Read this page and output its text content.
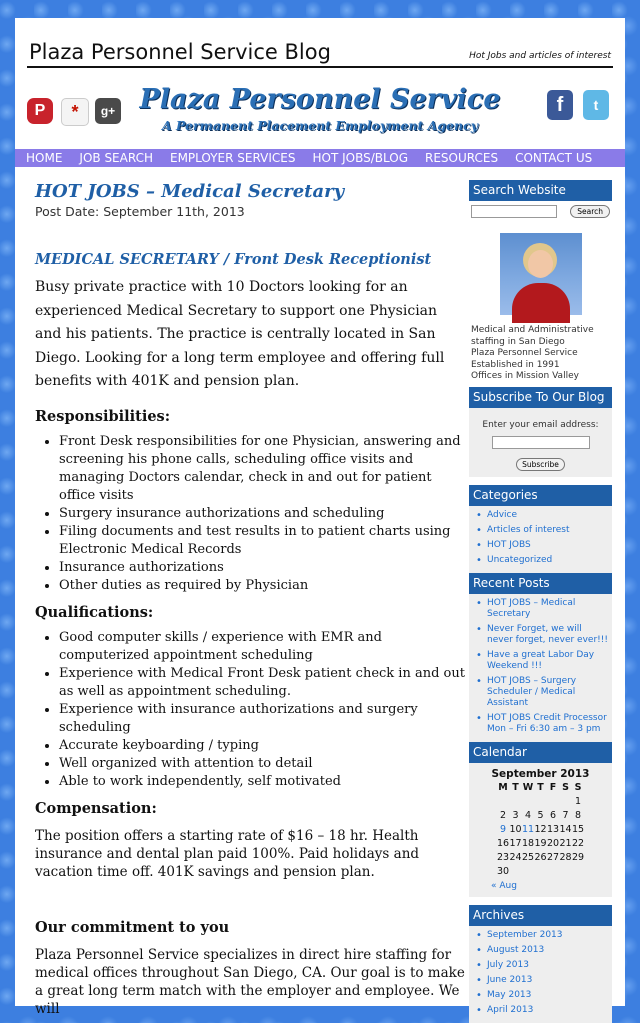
Plaza Personnel Service Blog	Hot Jobs and articles of interest
P	*	g+ Plaza Personnel Service
A Permanent Placement Employment Agency
f	t
HOME JOB SEARCH EMPLOYER SERVICES HOT JOBS/BLOG RESOURCES CONTACT US
HOT JOBS – Medical Secretary
Post Date: September 11th, 2013
MEDICAL SECRETARY / Front Desk Receptionist
Busy private practice with 10 Doctors looking for an experienced Medical Secretary to support one Physician and his patients. The practice is centrally located in San Diego. Looking for a long term employee and offering full benefits with 401K and pension plan.
Responsibilities:
• Front Desk responsibilities for one Physician, answering and screening his phone calls, scheduling office visits and managing Doctors calendar, check in and out for patient office visits
• Surgery insurance authorizations and scheduling
• Filing documents and test results in to patient charts using Electronic Medical Records
• Insurance authorizations
• Other duties as required by Physician
Qualifications:
• Good computer skills / experience with EMR and computerized appointment scheduling
• Experience with Medical Front Desk patient check in and out as well as appointment scheduling.
• Experience with insurance authorizations and surgery scheduling
• Accurate keyboarding / typing
• Well organized with attention to detail
• Able to work independently, self motivated
Compensation:
The position offers a starting rate of $16 – 18 hr. Health insurance and dental plan paid 100%. Paid holidays and vacation time off. 401K savings and pension plan.
Our commitment to you
Plaza Personnel Service specializes in direct hire staffing for medical offices throughout San Diego, CA. Our goal is to make a great long term match with the employer and employee. We will
Search Website
Search
Medical and Administrative staffing in San Diego
Plaza Personnel Service
Established in 1991
Offices in Mission Valley
Subscribe To Our Blog
Enter your email address:
Subscribe
Categories
• Advice
• Articles of interest
• HOT JOBS
• Uncategorized
Recent Posts
• HOT JOBS – Medical Secretary
• Never Forget, we will never forget, never ever!!!
• Have a great Labor Day Weekend !!!
• HOT JOBS – Surgery Scheduler / Medical Assistant
• HOT JOBS Credit Processor Mon – Fri 6:30 am – 3 pm
Calendar
September 2013
M	T	W	T	F	S	S
						1
2	3	4	5	6	7	8
9	10	11	12	13	14	15
16	17	18	19	20	21	22
23	24	25	26	27	28	29
30						
« Aug
Archives
• September 2013
• August 2013
• July 2013
• June 2013
• May 2013
• April 2013
